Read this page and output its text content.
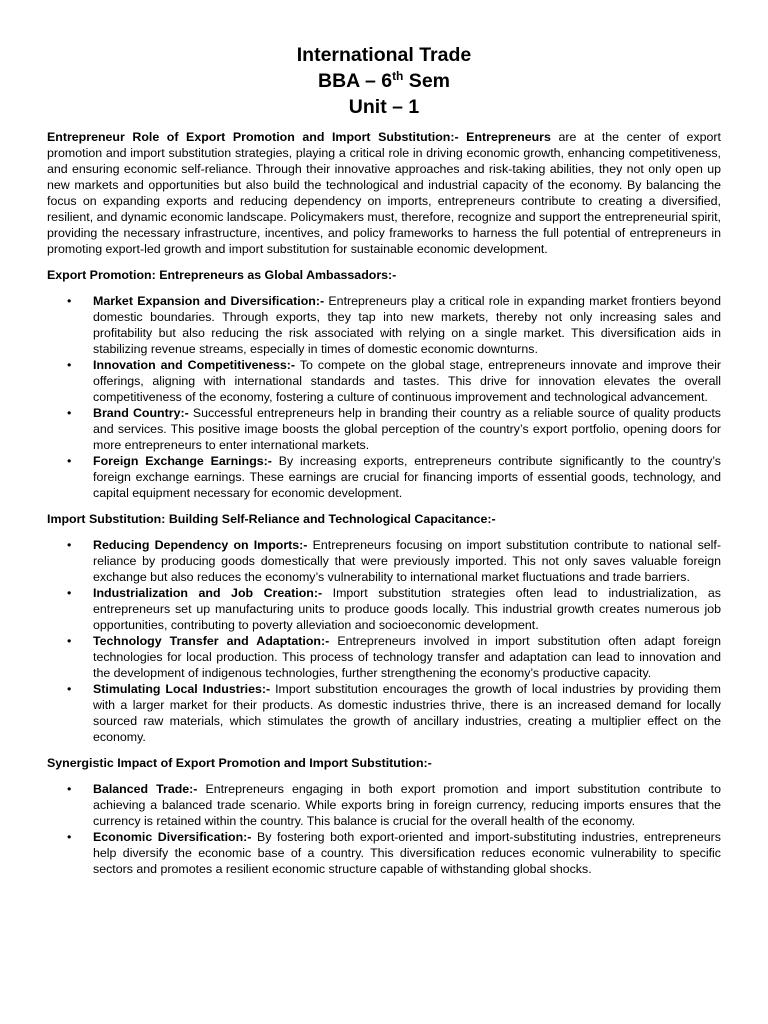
International Trade
BBA – 6th Sem
Unit – 1

Entrepreneur Role of Export Promotion and Import Substitution:- Entrepreneurs are at the center of export promotion and import substitution strategies, playing a critical role in driving economic growth, enhancing competitiveness, and ensuring economic self-reliance. Through their innovative approaches and risk-taking abilities, they not only open up new markets and opportunities but also build the technological and industrial capacity of the economy. By balancing the focus on expanding exports and reducing dependency on imports, entrepreneurs contribute to creating a diversified, resilient, and dynamic economic landscape. Policymakers must, therefore, recognize and support the entrepreneurial spirit, providing the necessary infrastructure, incentives, and policy frameworks to harness the full potential of entrepreneurs in promoting export-led growth and import substitution for sustainable economic development.

Export Promotion: Entrepreneurs as Global Ambassadors:-
• Market Expansion and Diversification:- Entrepreneurs play a critical role in expanding market frontiers beyond domestic boundaries. Through exports, they tap into new markets, thereby not only increasing sales and profitability but also reducing the risk associated with relying on a single market. This diversification aids in stabilizing revenue streams, especially in times of domestic economic downturns.
• Innovation and Competitiveness:- To compete on the global stage, entrepreneurs innovate and improve their offerings, aligning with international standards and tastes. This drive for innovation elevates the overall competitiveness of the economy, fostering a culture of continuous improvement and technological advancement.
• Brand Country:- Successful entrepreneurs help in branding their country as a reliable source of quality products and services. This positive image boosts the global perception of the country’s export portfolio, opening doors for more entrepreneurs to enter international markets.
• Foreign Exchange Earnings:- By increasing exports, entrepreneurs contribute significantly to the country’s foreign exchange earnings. These earnings are crucial for financing imports of essential goods, technology, and capital equipment necessary for economic development.
Import Substitution: Building Self-Reliance and Technological Capacitance:-
• Reducing Dependency on Imports:- Entrepreneurs focusing on import substitution contribute to national self-reliance by producing goods domestically that were previously imported. This not only saves valuable foreign exchange but also reduces the economy’s vulnerability to international market fluctuations and trade barriers.
• Industrialization and Job Creation:- Import substitution strategies often lead to industrialization, as entrepreneurs set up manufacturing units to produce goods locally. This industrial growth creates numerous job opportunities, contributing to poverty alleviation and socioeconomic development.
• Technology Transfer and Adaptation:- Entrepreneurs involved in import substitution often adapt foreign technologies for local production. This process of technology transfer and adaptation can lead to innovation and the development of indigenous technologies, further strengthening the economy’s productive capacity.
• Stimulating Local Industries:- Import substitution encourages the growth of local industries by providing them with a larger market for their products. As domestic industries thrive, there is an increased demand for locally sourced raw materials, which stimulates the growth of ancillary industries, creating a multiplier effect on the economy.
Synergistic Impact of Export Promotion and Import Substitution:-
• Balanced Trade:- Entrepreneurs engaging in both export promotion and import substitution contribute to achieving a balanced trade scenario. While exports bring in foreign currency, reducing imports ensures that the currency is retained within the country. This balance is crucial for the overall health of the economy.
• Economic Diversification:- By fostering both export-oriented and import-substituting industries, entrepreneurs help diversify the economic base of a country. This diversification reduces economic vulnerability to specific sectors and promotes a resilient economic structure capable of withstanding global shocks.
